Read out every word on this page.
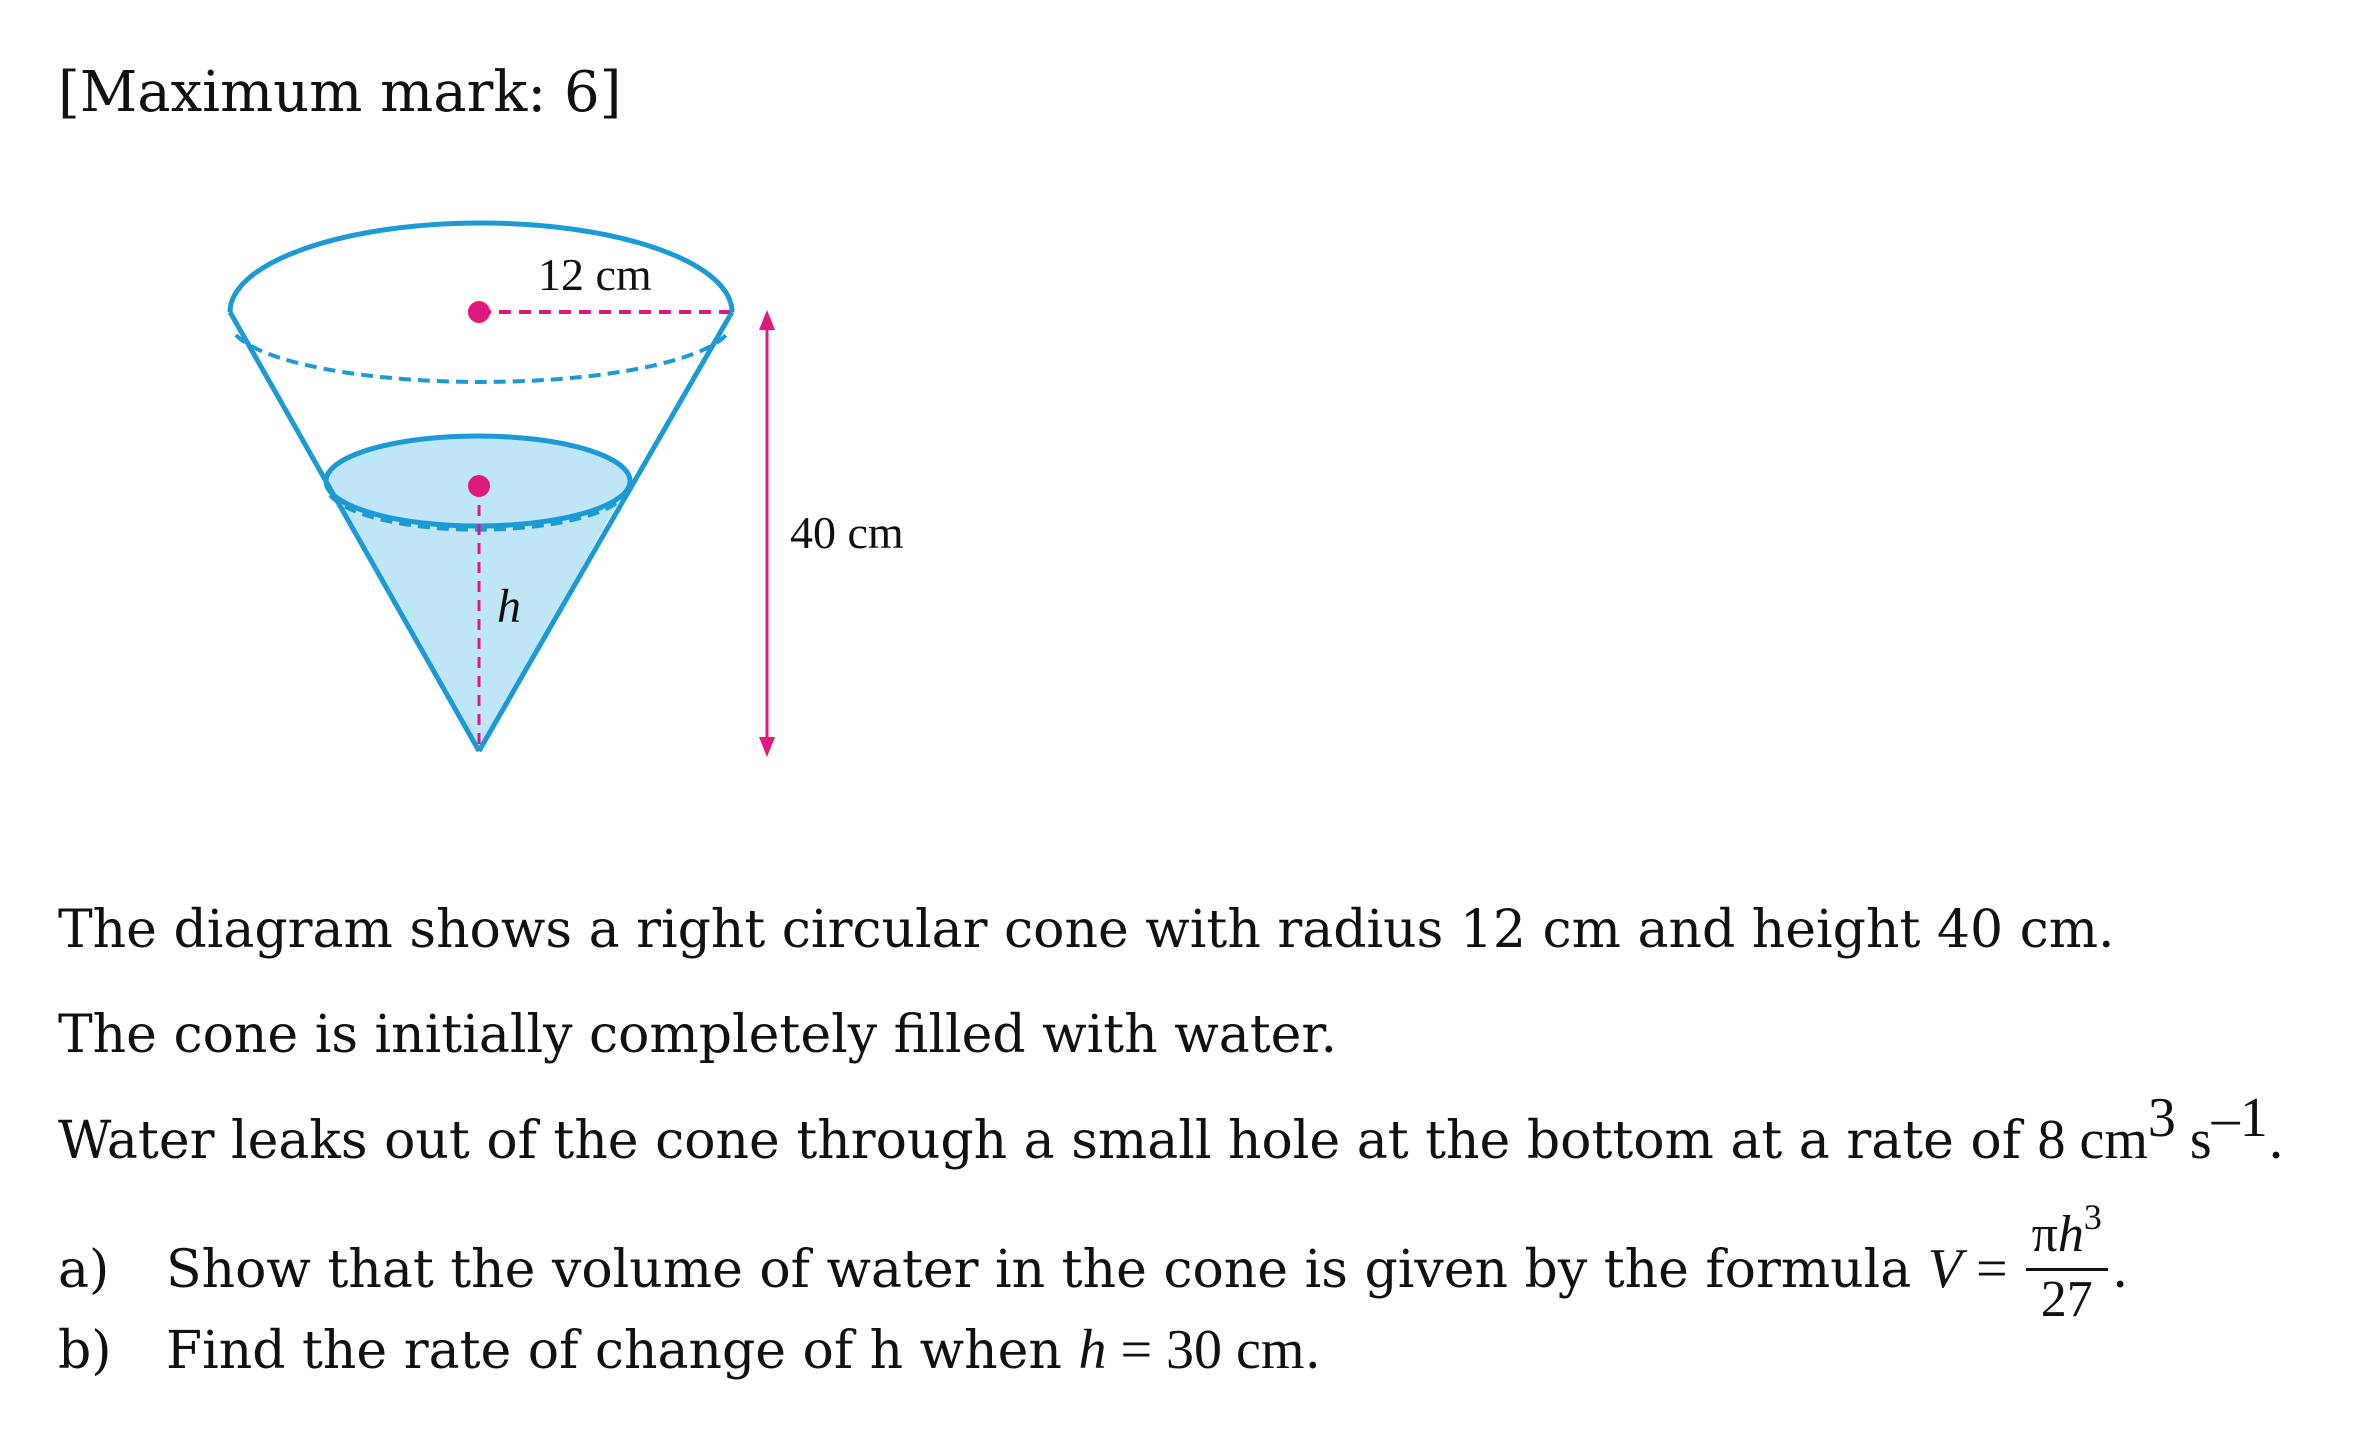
[Maximum mark: 6]
12 cm
40 cm
h
The diagram shows a right circular cone with radius 12 cm and height 40 cm.
The cone is initially completely filled with water.
Water leaks out of the cone through a small hole at the bottom at a rate of 8 $cm^3$ $s^{-1}$.
a) Show that the volume of water in the cone is given by the formula $V = \frac{\pi h^3}{27}$ .
b) Find the rate of change of h when h = 30 cm.
